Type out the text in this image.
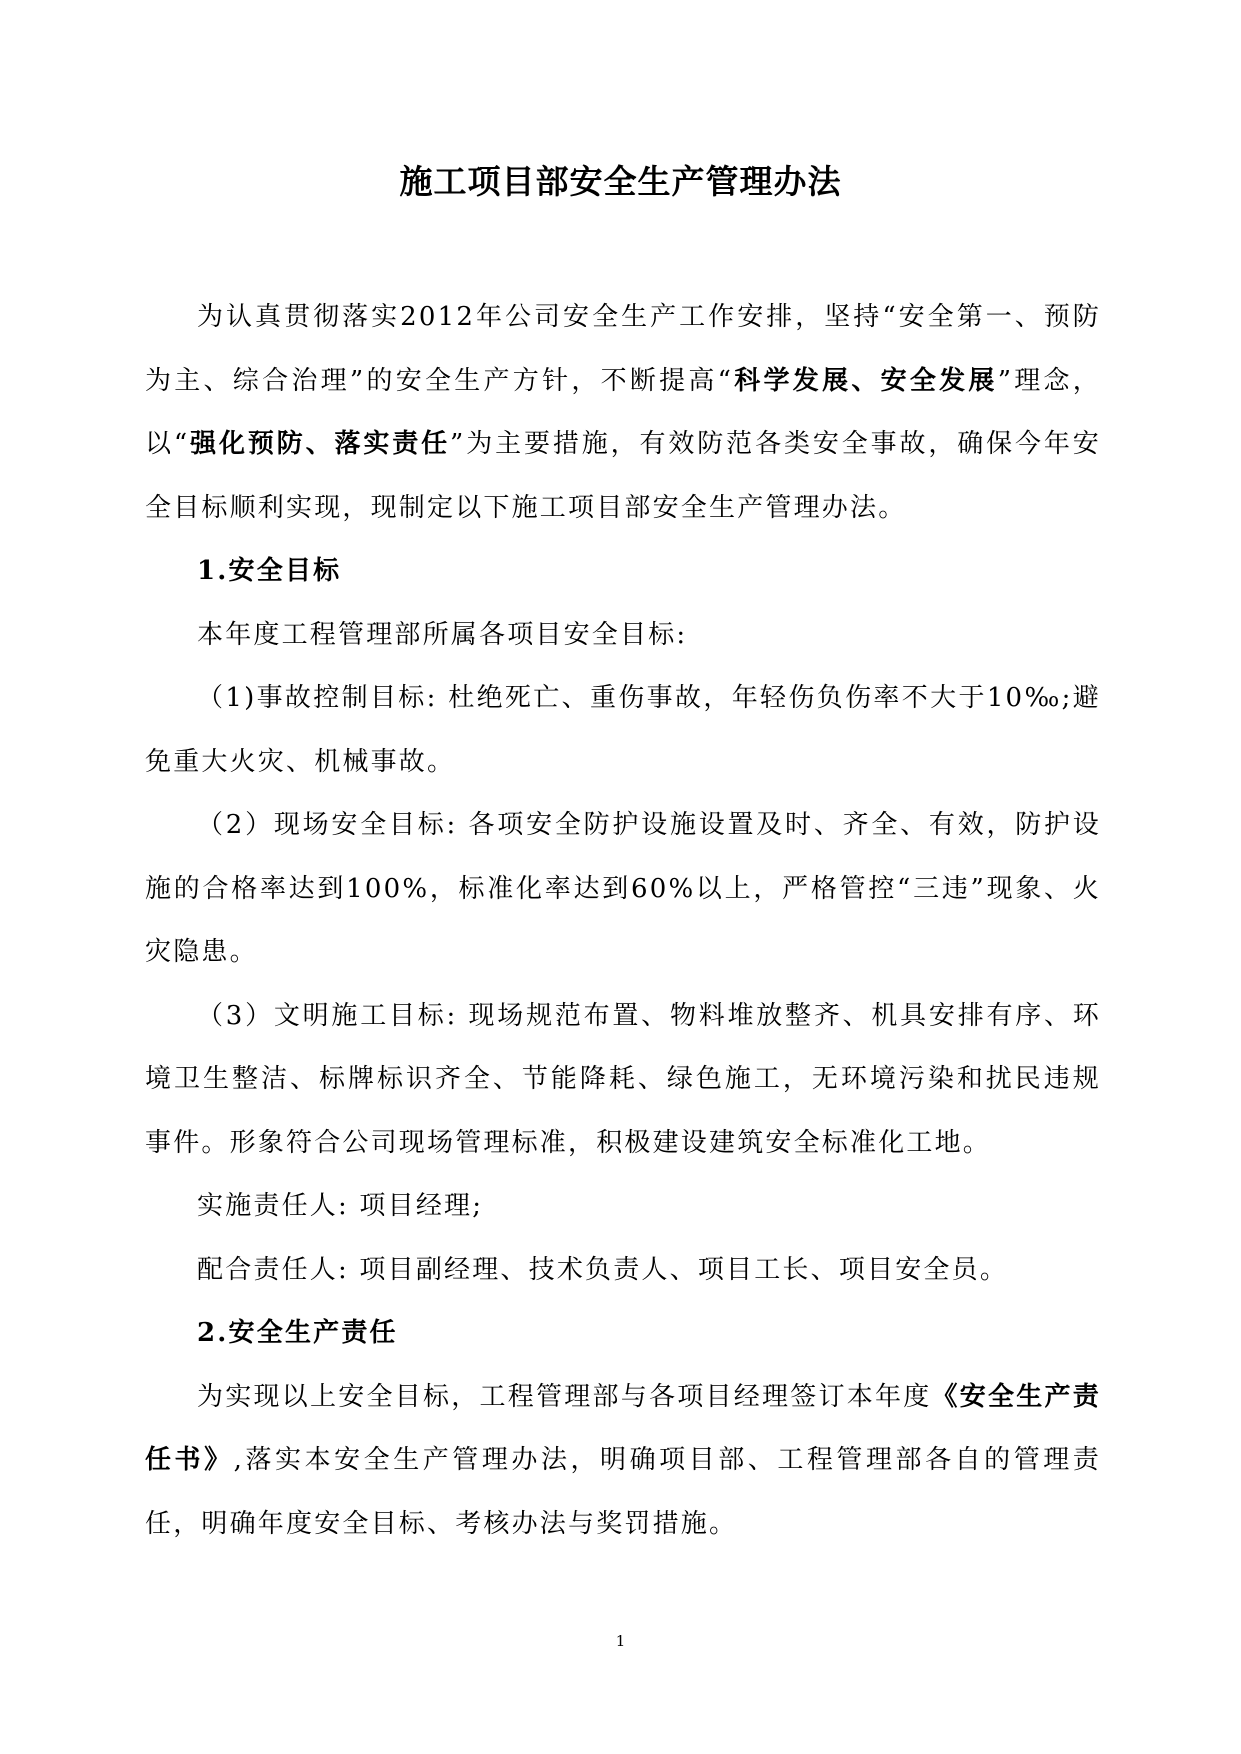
施工项目部安全生产管理办法

为认真贯彻落实2012年公司安全生产工作安排，坚持“安全第一、预防为主、综合治理”的安全生产方针，不断提高“科学发展、安全发展”理念，以“强化预防、落实责任”为主要措施，有效防范各类安全事故，确保今年安全目标顺利实现，现制定以下施工项目部安全生产管理办法。

1.安全目标

本年度工程管理部所属各项目安全目标:

（1)事故控制目标: 杜绝死亡、重伤事故，年轻伤负伤率不大于10‰;避免重大火灾、机械事故。

（2）现场安全目标: 各项安全防护设施设置及时、齐全、有效，防护设施的合格率达到100%，标准化率达到60%以上，严格管控“三违”现象、火灾隐患。

（3）文明施工目标: 现场规范布置、物料堆放整齐、机具安排有序、环境卫生整洁、标牌标识齐全、节能降耗、绿色施工，无环境污染和扰民违规事件。形象符合公司现场管理标准，积极建设建筑安全标准化工地。

实施责任人: 项目经理;

配合责任人: 项目副经理、技术负责人、项目工长、项目安全员。

2.安全生产责任

为实现以上安全目标，工程管理部与各项目经理签订本年度《安全生产责任书》,落实本安全生产管理办法，明确项目部、工程管理部各自的管理责任，明确年度安全目标、考核办法与奖罚措施。

1
